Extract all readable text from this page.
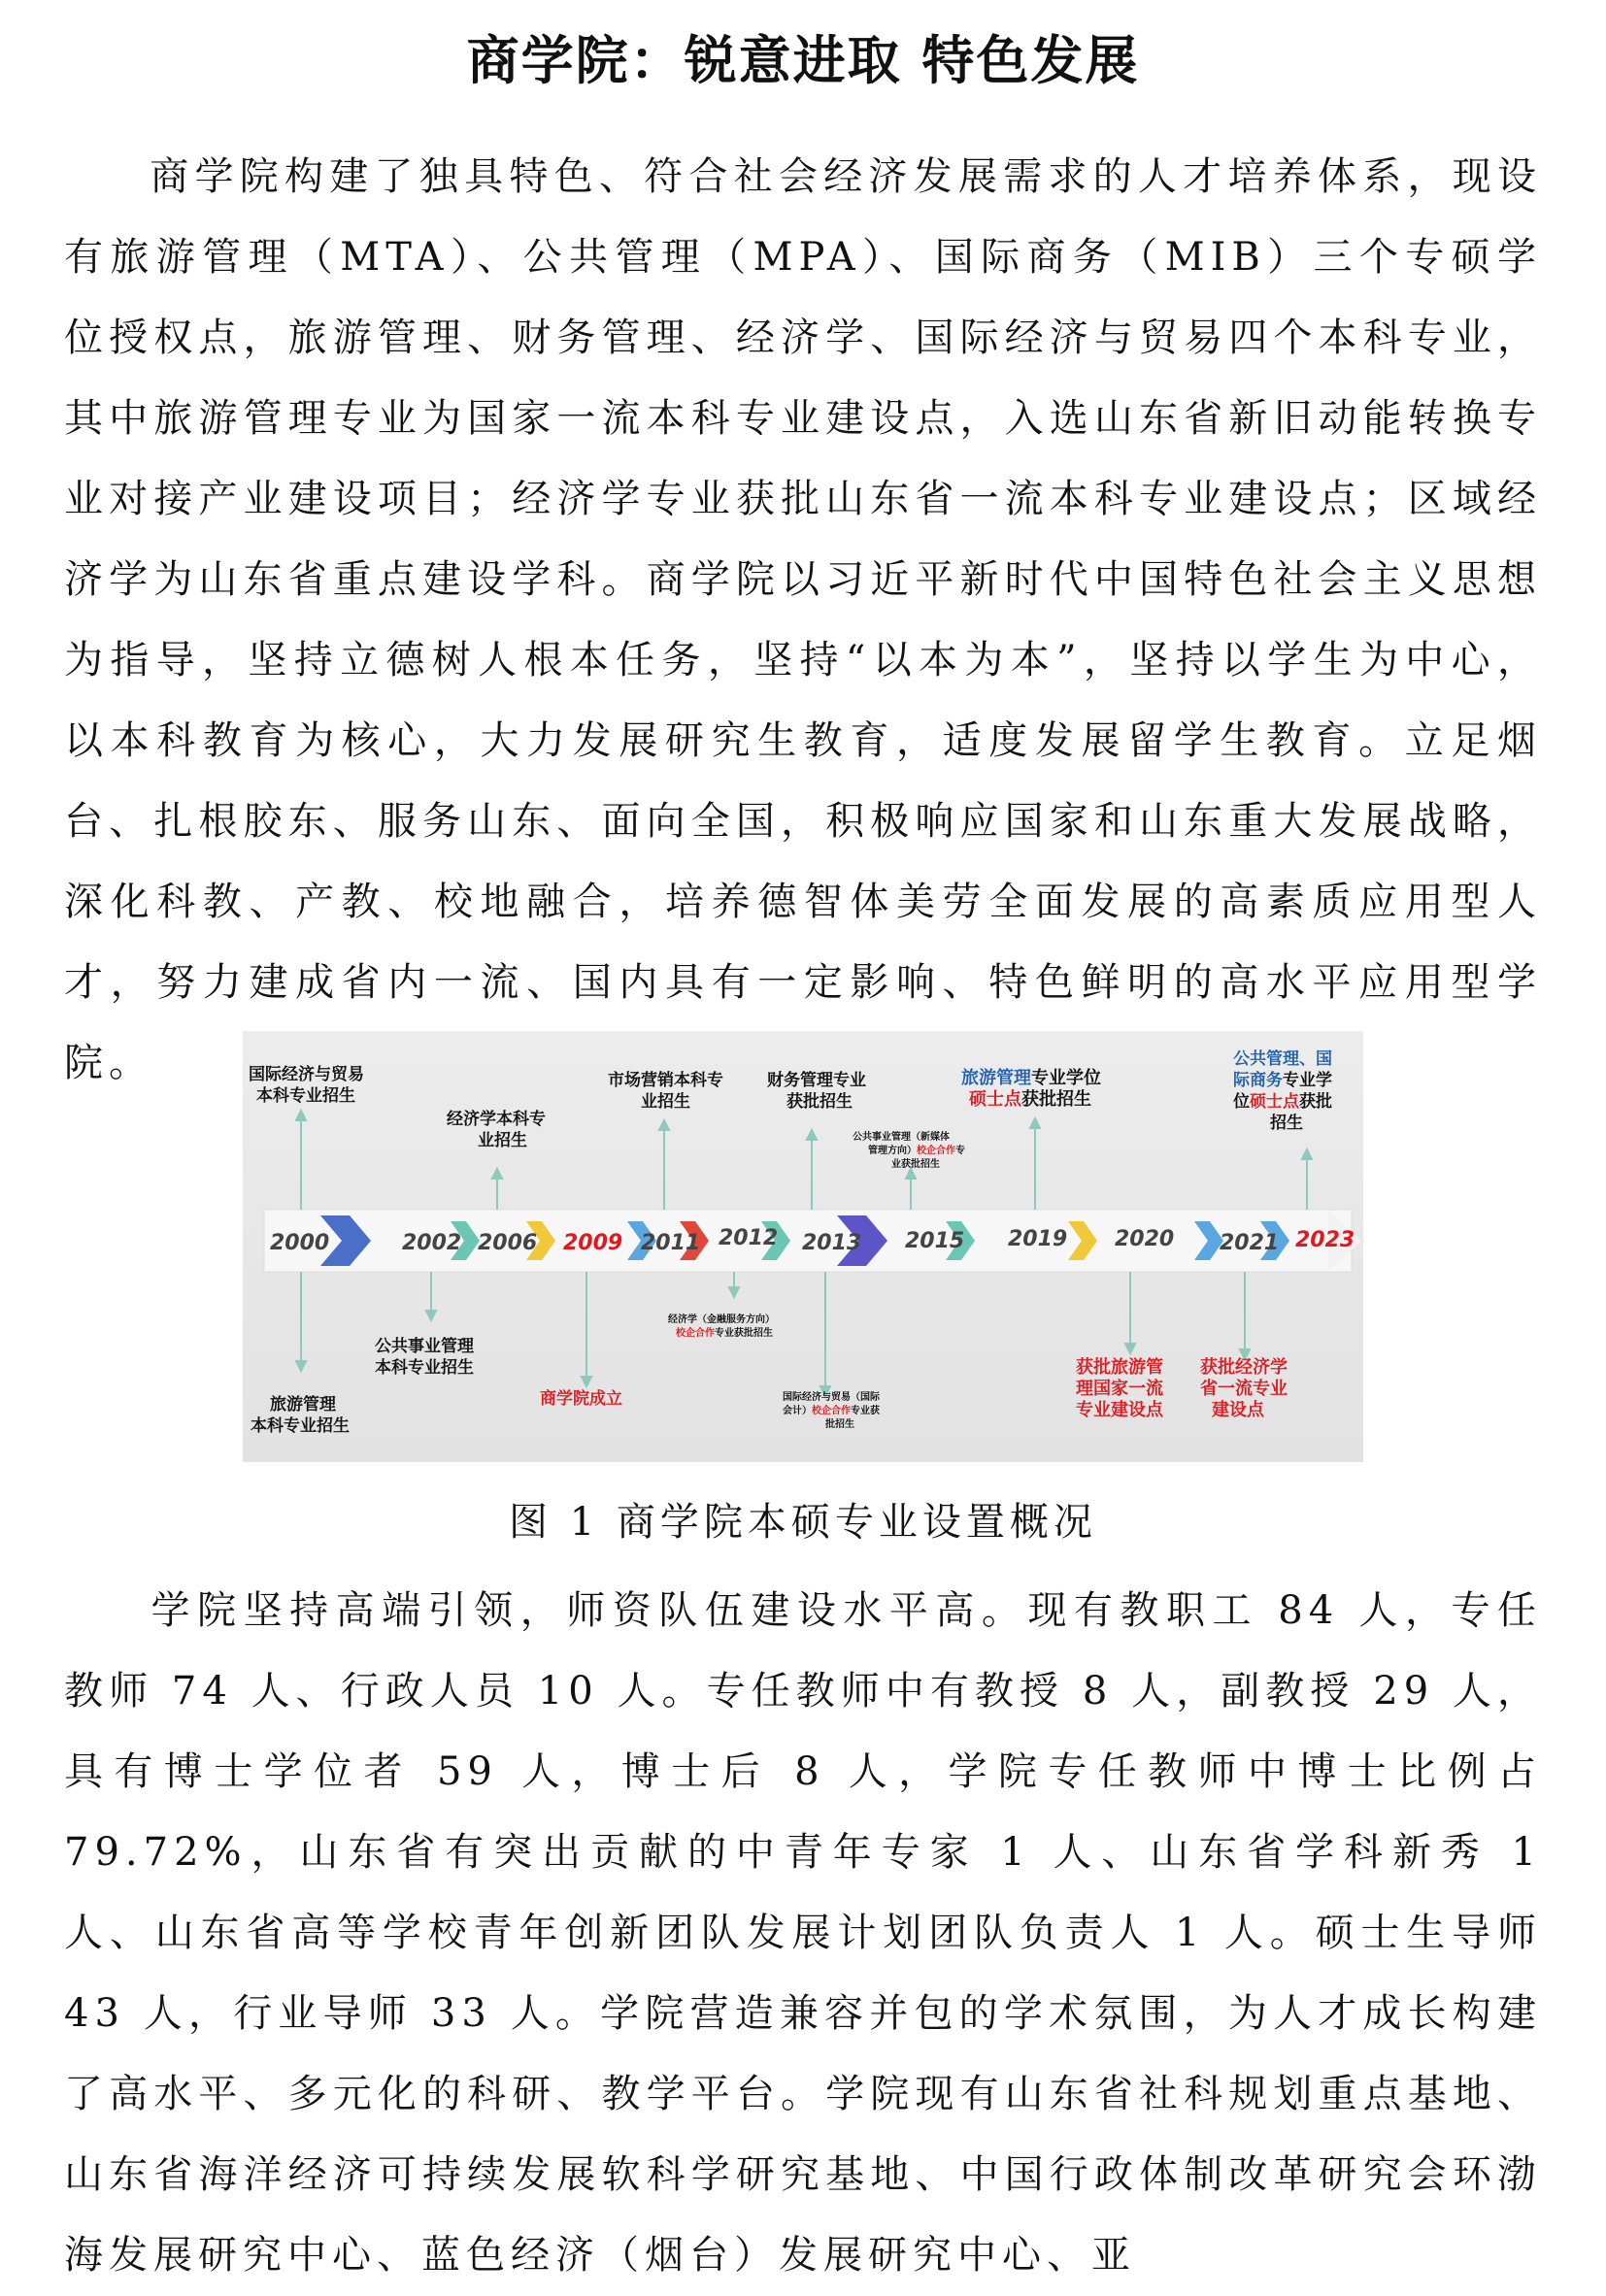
商学院：锐意进取 特色发展

商学院构建了独具特色、符合社会经济发展需求的人才培养体系，现设有旅游管理（MTA）、公共管理（MPA）、国际商务（MIB）三个专硕学位授权点，旅游管理、财务管理、经济学、国际经济与贸易四个本科专业，其中旅游管理专业为国家一流本科专业建设点，入选山东省新旧动能转换专业对接产业建设项目；经济学专业获批山东省一流本科专业建设点；区域经济学为山东省重点建设学科。商学院以习近平新时代中国特色社会主义思想为指导，坚持立德树人根本任务，坚持“以本为本”，坚持以学生为中心，以本科教育为核心，大力发展研究生教育，适度发展留学生教育。立足烟台、扎根胶东、服务山东、面向全国，积极响应国家和山东重大发展战略，深化科教、产教、校地融合，培养德智体美劳全面发展的高素质应用型人才，努力建成省内一流、国内具有一定影响、特色鲜明的高水平应用型学院。

2000	2002 2006 2009 2011 2012 2013 2015 2019 2020 2021 2023
国际经济与贸易
本科专业招生
经济学本科专
业招生
市场营销本科专
业招生
财务管理专业
获批招生
公共事业管理（新媒体
管理方向）校企合作专
业获批招生
旅游管理专业学位
硕士点获批招生
公共管理、国
际商务专业学
位硕士点获批
招生
公共事业管理
本科专业招生
旅游管理
本科专业招生
商学院成立
经济学（金融服务方向）
校企合作专业获批招生
国际经济与贸易（国际
会计）校企合作专业获
批招生
获批旅游管
理国家一流
专业建设点
获批经济学
省一流专业
建设点
图 1 商学院本硕专业设置概况

学院坚持高端引领，师资队伍建设水平高。现有教职工 84 人，专任教师 74 人、行政人员 10 人。专任教师中有教授 8 人，副教授 29 人，具有博士学位者 59 人，博士后 8 人，学院专任教师中博士比例占 79.72%，山东省有突出贡献的中青年专家 1 人、山东省学科新秀 1 人、山东省高等学校青年创新团队发展计划团队负责人 1 人。硕士生导师 43 人，行业导师 33 人。学院营造兼容并包的学术氛围，为人才成长构建了高水平、多元化的科研、教学平台。学院现有山东省社科规划重点基地、山东省海洋经济可持续发展软科学研究基地、中国行政体制改革研究会环渤海发展研究中心、蓝色经济（烟台）发展研究中心、亚
